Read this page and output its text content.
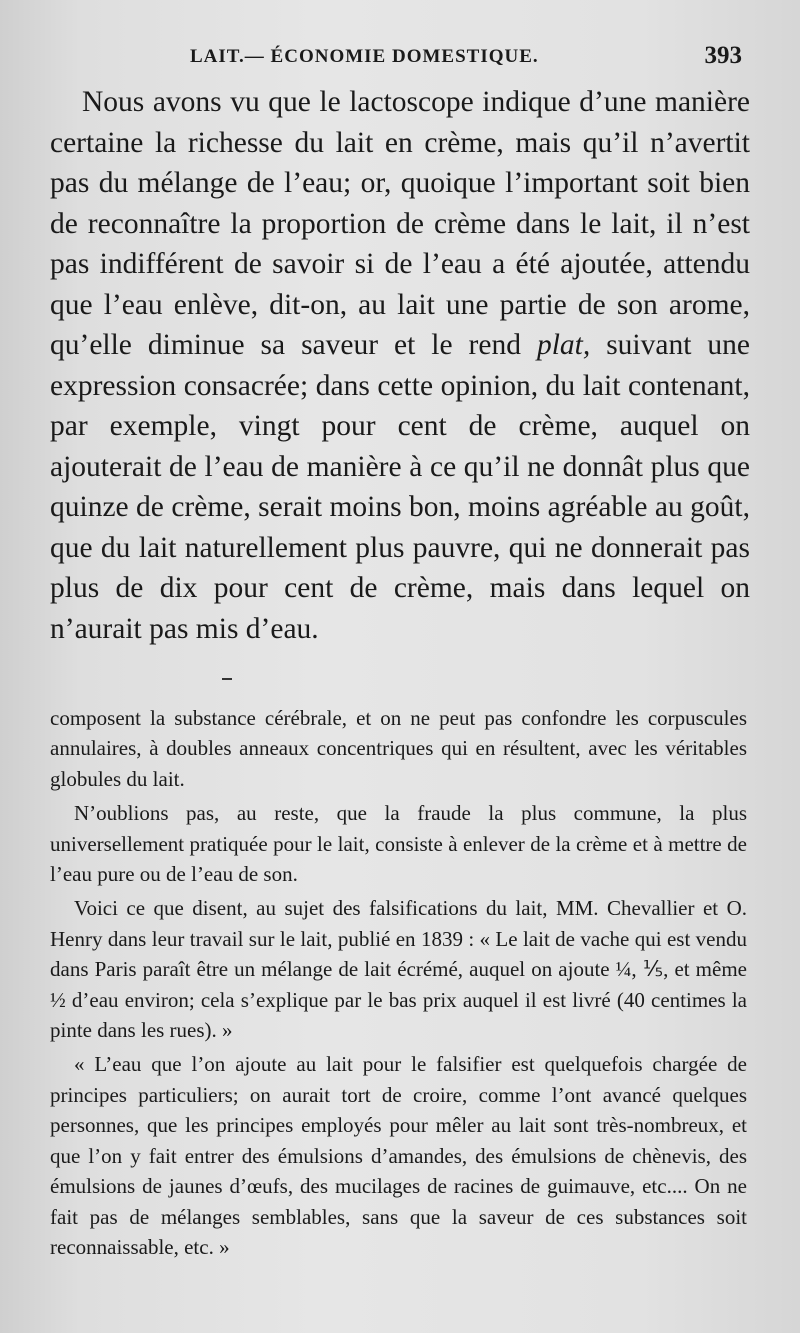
LAIT.— ÉCONOMIE DOMESTIQUE.	393

Nous avons vu que le lactoscope indique d’une manière certaine la richesse du lait en crème, mais qu’il n’avertit pas du mélange de l’eau; or, quoique l’important soit bien de reconnaître la proportion de crème dans le lait, il n’est pas indifférent de savoir si de l’eau a été ajoutée, attendu que l’eau enlève, dit-on, au lait une partie de son arome, qu’elle diminue sa saveur et le rend plat, suivant une expression consacrée; dans cette opinion, du lait contenant, par exemple, vingt pour cent de crème, auquel on ajouterait de l’eau de manière à ce qu’il ne donnât plus que quinze de crème, serait moins bon, moins agréable au goût, que du lait naturellement plus pauvre, qui ne donnerait pas plus de dix pour cent de crème, mais dans lequel on n’aurait pas mis d’eau.

composent la substance cérébrale, et on ne peut pas confondre les corpuscules annulaires, à doubles anneaux concentriques qui en résultent, avec les véritables globules du lait.

N’oublions pas, au reste, que la fraude la plus commune, la plus universellement pratiquée pour le lait, consiste à enlever de la crème et à mettre de l’eau pure ou de l’eau de son.

Voici ce que disent, au sujet des falsifications du lait, MM. Chevallier et O. Henry dans leur travail sur le lait, publié en 1839 : « Le lait de vache qui est vendu dans Paris paraît être un mélange de lait écrémé, auquel on ajoute ¼, ⅕, et même ½ d’eau environ; cela s’explique par le bas prix auquel il est livré (40 centimes la pinte dans les rues). »

« L’eau que l’on ajoute au lait pour le falsifier est quelquefois chargée de principes particuliers; on aurait tort de croire, comme l’ont avancé quelques personnes, que les principes employés pour mêler au lait sont très-nombreux, et que l’on y fait entrer des émulsions d’amandes, des émulsions de chènevis, des émulsions de jaunes d’œufs, des mucilages de racines de guimauve, etc.... On ne fait pas de mélanges semblables, sans que la saveur de ces substances soit reconnaissable, etc. »
